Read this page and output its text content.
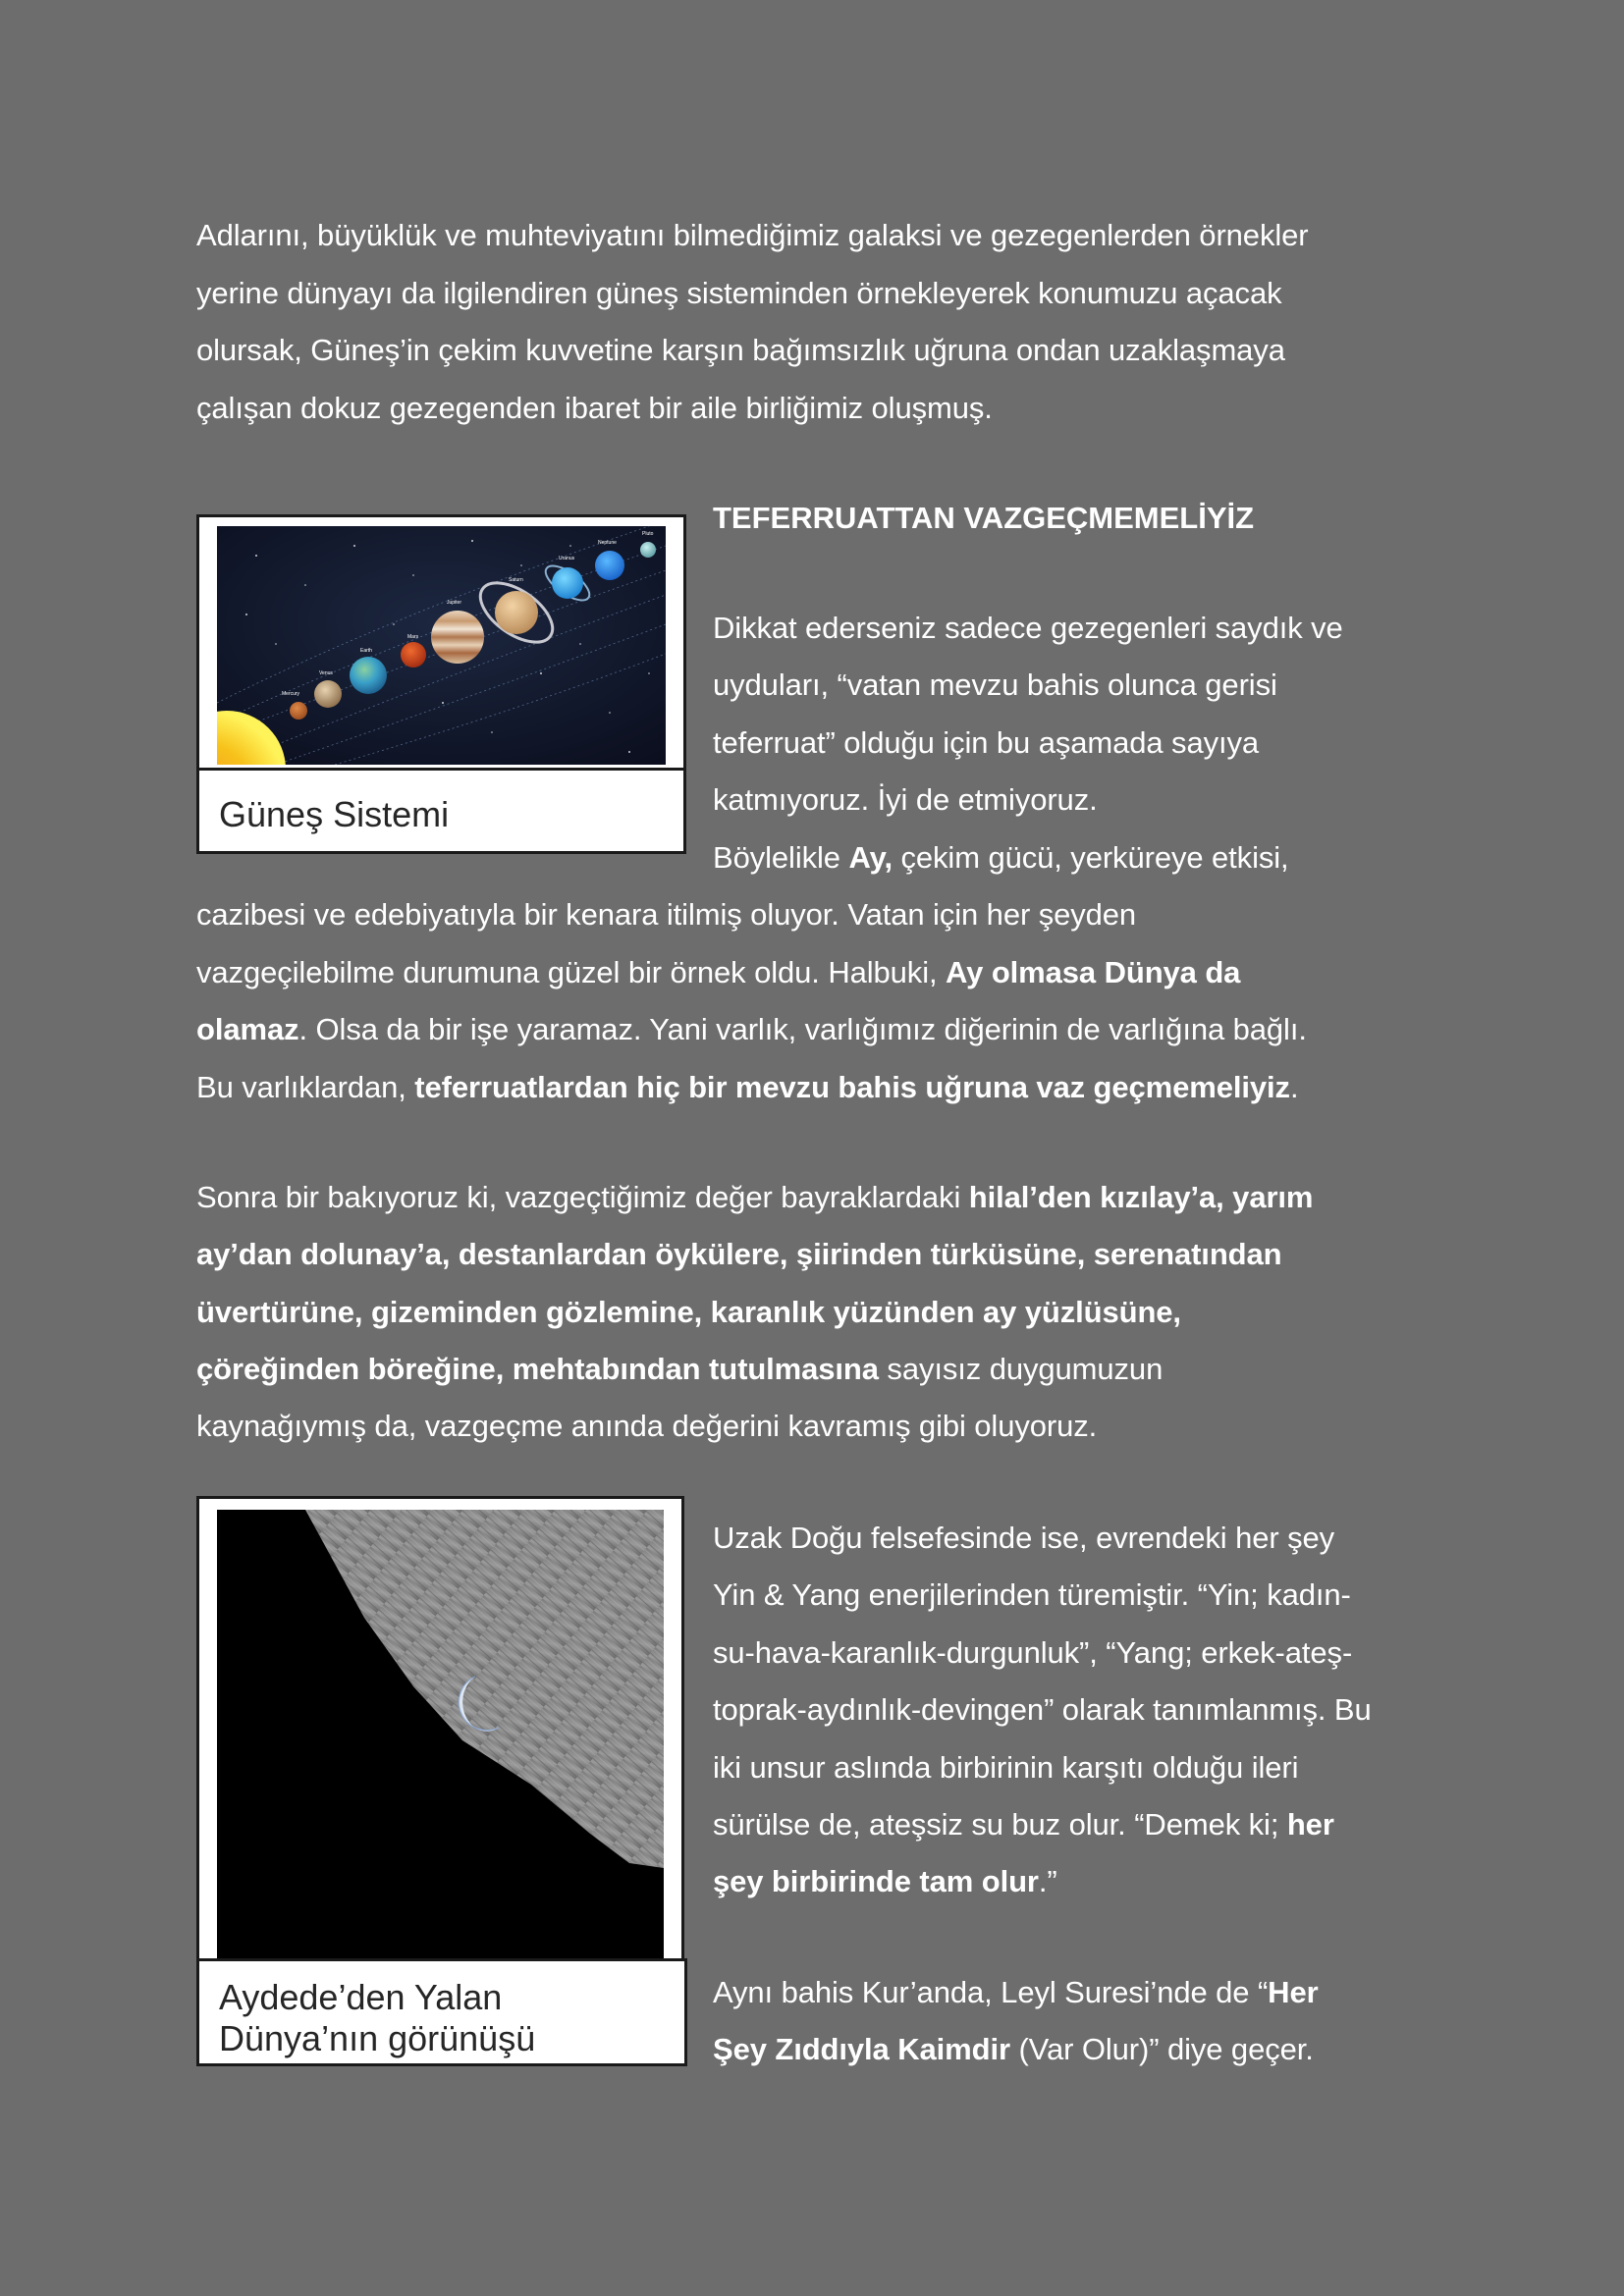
Adlarını, büyüklük ve muhteviyatını bilmediğimiz galaksi ve gezegenlerden örnekler
yerine dünyayı da ilgilendiren güneş sisteminden örnekleyerek konumuzu açacak
olursak, Güneş’in çekim kuvvetine karşın bağımsızlık uğruna ondan uzaklaşmaya
çalışan dokuz gezegenden ibaret bir aile birliğimiz oluşmuş.
Mercury
Venus
Earth
Mars
Jupiter
Saturn
Uranus
Neptune
Pluto
Güneş Sistemi
TEFERRUATTAN VAZGEÇMEMELİYİZ
Dikkat ederseniz sadece gezegenleri saydık ve
uyduları, “vatan mevzu bahis olunca gerisi
teferruat” olduğu için bu aşamada sayıya
katmıyoruz. İyi de etmiyoruz.
Böylelikle Ay, çekim gücü, yerküreye etkisi,
cazibesi ve edebiyatıyla bir kenara itilmiş oluyor. Vatan için her şeyden
vazgeçilebilme durumuna güzel bir örnek oldu. Halbuki, Ay olmasa Dünya da
olamaz. Olsa da bir işe yaramaz. Yani varlık, varlığımız diğerinin de varlığına bağlı.
Bu varlıklardan, teferruatlardan hiç bir mevzu bahis uğruna vaz geçmemeliyiz.
Sonra bir bakıyoruz ki, vazgeçtiğimiz değer bayraklardaki hilal’den kızılay’a, yarım
ay’dan dolunay’a, destanlardan öykülere, şiirinden türküsüne, serenatından
üvertürüne, gizeminden gözlemine, karanlık yüzünden ay yüzlüsüne,
çöreğinden böreğine, mehtabından tutulmasına sayısız duygumuzun
kaynağıymış da, vazgeçme anında değerini kavramış gibi oluyoruz.
Aydede’den Yalan
Dünya’nın görünüşü
Uzak Doğu felsefesinde ise, evrendeki her şey
Yin & Yang enerjilerinden türemiştir. “Yin; kadın-
su-hava-karanlık-durgunluk”, “Yang; erkek-ateş-
toprak-aydınlık-devingen” olarak tanımlanmış. Bu
iki unsur aslında birbirinin karşıtı olduğu ileri
sürülse de, ateşsiz su buz olur. “Demek ki; her
şey birbirinde tam olur.”
Aynı bahis Kur’anda, Leyl Suresi’nde de “Her
Şey Zıddıyla Kaimdir (Var Olur)” diye geçer.
